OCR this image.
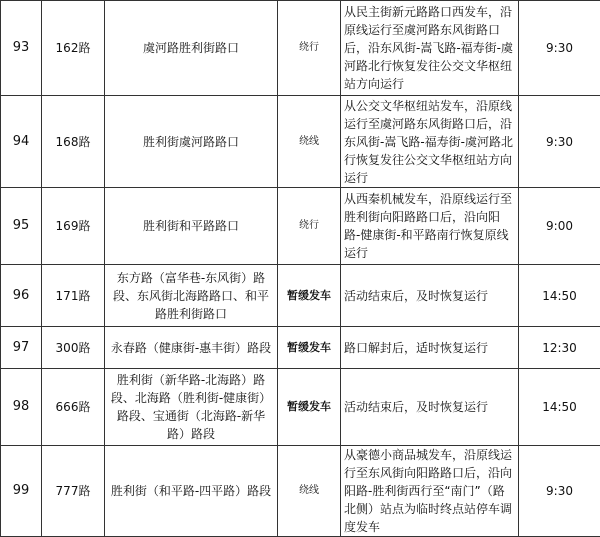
93	162路	虞河路胜利街路口	绕行	从民主街新元路路口西发车，沿原线运行至虞河路东风街路口后，沿东风街-嵩飞路-福寿街-虞河路北行恢复发往公交文华枢纽站方向运行	9:30
94	168路	胜利街虞河路路口	绕线	从公交文华枢纽站发车，沿原线运行至虞河路东风街路口后，沿东风街-嵩飞路-福寿街-虞河路北行恢复发往公交文华枢纽站方向运行	9:30
95	169路	胜利街和平路路口	绕行	从西秦机械发车，沿原线运行至胜利街向阳路路口后，沿向阳路-健康街-和平路南行恢复原线运行	9:00
96	171路	东方路（富华巷-东风街）路段、东风街北海路路口、和平路胜利街路口	暂缓发车	活动结束后，及时恢复运行	14:50
97	300路	永春路（健康街-惠丰街）路段	暂缓发车	路口解封后，适时恢复运行	12:30
98	666路	胜利街（新华路-北海路）路段、北海路（胜利街-健康街）路段、宝通街（北海路-新华路）路段	暂缓发车	活动结束后，及时恢复运行	14:50
99	777路	胜利街（和平路-四平路）路段	绕线	从豪德小商品城发车，沿原线运行至东风街向阳路路口后，沿向阳路-胜利街西行至“南门”（路北侧）站点为临时终点站停车调度发车	9:30
